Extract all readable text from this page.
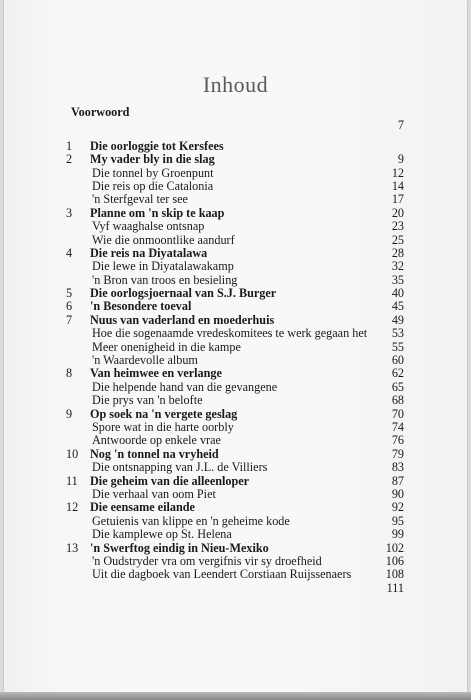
Inhoud
Voorwoord
7
1	Die oorloggie tot Kersfees
2	My vader bly in die slag	9
Die tonnel by Groenpunt	12
Die reis op die Catalonia	14
'n Sterfgeval ter see	17
3	Planne om 'n skip te kaap	20
Vyf waaghalse ontsnap	23
Wie die onmoontlike aandurf	25
4	Die reis na Diyatalawa	28
Die lewe in Diyatalawakamp	32
'n Bron van troos en besieling	35
5	Die oorlogsjoernaal van S.J. Burger	40
6	'n Besondere toeval	45
7	Nuus van vaderland en moederhuis	49
Hoe die sogenaamde vredeskomitees te werk gegaan het 53
Meer onenigheid in die kampe	55
'n Waardevolle album	60
8	Van heimwee en verlange	62
Die helpende hand van die gevangene	65
Die prys van 'n belofte	68
9	Op soek na 'n vergete geslag	70
Spore wat in die harte oorbly	74
Antwoorde op enkele vrae	76
10 Nog 'n tonnel na vryheid	79
Die ontsnapping van J.L. de Villiers	83
11 Die geheim van die alleenloper	87
Die verhaal van oom Piet	90
12 Die eensame eilande	92
Getuienis van klippe en 'n geheime kode	95
Die kamplewe op St. Helena	99
13 'n Swerftog eindig in Nieu-Mexiko	102
'n Oudstryder vra om vergifnis vir sy droefheid	106
Uit die dagboek van Leendert Corstiaan Ruijssenaers	108
111
